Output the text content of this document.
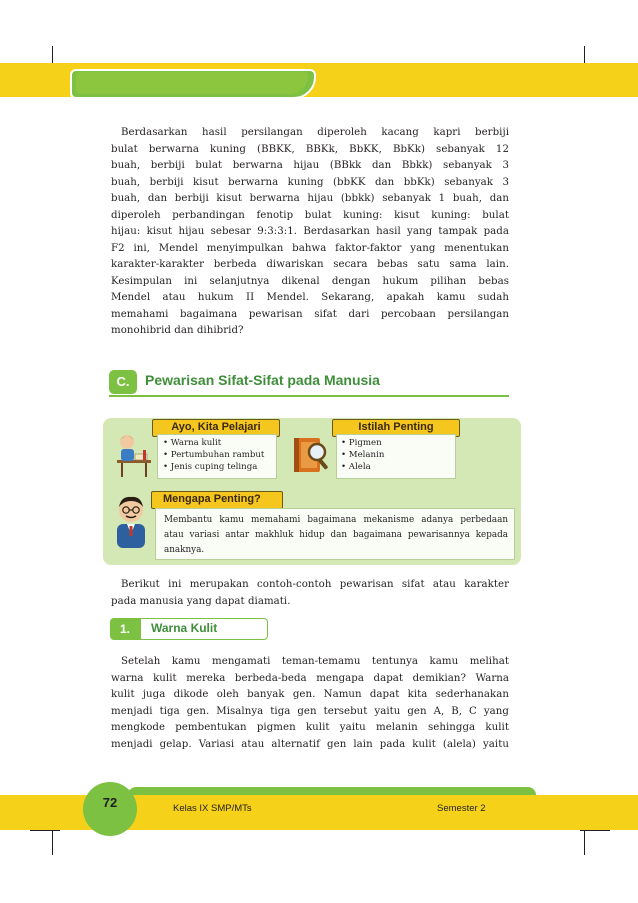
Berdasarkan hasil persilangan diperoleh kacang kapri berbiji
bulat berwarna kuning (BBKK, BBKk, BbKK, BbKk) sebanyak 12
buah, berbiji bulat berwarna hijau (BBkk dan Bbkk) sebanyak 3
buah, berbiji kisut berwarna kuning (bbKK dan bbKk) sebanyak 3
buah, dan berbiji kisut berwarna hijau (bbkk) sebanyak 1 buah, dan
diperoleh perbandingan fenotip bulat kuning: kisut kuning: bulat
hijau: kisut hijau sebesar 9:3:3:1. Berdasarkan hasil yang tampak pada
F2 ini, Mendel menyimpulkan bahwa faktor-faktor yang menentukan
karakter-karakter berbeda diwariskan secara bebas satu sama lain.
Kesimpulan ini selanjutnya dikenal dengan hukum pilihan bebas
Mendel atau hukum II Mendel. Sekarang, apakah kamu sudah
memahami bagaimana pewarisan sifat dari percobaan persilangan
monohibrid dan dihibrid?
C.	Pewarisan Sifat-Sifat pada Manusia
Ayo, Kita Pelajari
• Warna kulit
• Pertumbuhan rambut
• Jenis cuping telinga
Istilah Penting
• Pigmen
• Melanin
• Alela
Mengapa Penting?
Membantu kamu memahami bagaimana mekanisme adanya perbedaan
atau variasi antar makhluk hidup dan bagaimana pewarisannya kepada
anaknya.
Berikut ini merupakan contoh-contoh pewarisan sifat atau karakter
pada manusia yang dapat diamati.
1.	Warna Kulit
Setelah kamu mengamati teman-temamu tentunya kamu melihat
warna kulit mereka berbeda-beda mengapa dapat demikian? Warna
kulit juga dikode oleh banyak gen. Namun dapat kita sederhanakan
menjadi tiga gen. Misalnya tiga gen tersebut yaitu gen A, B, C yang
mengkode pembentukan pigmen kulit yaitu melanin sehingga kulit
menjadi gelap. Variasi atau alternatif gen lain pada kulit (alela) yaitu
72	Kelas IX SMP/MTs	Semester 2
